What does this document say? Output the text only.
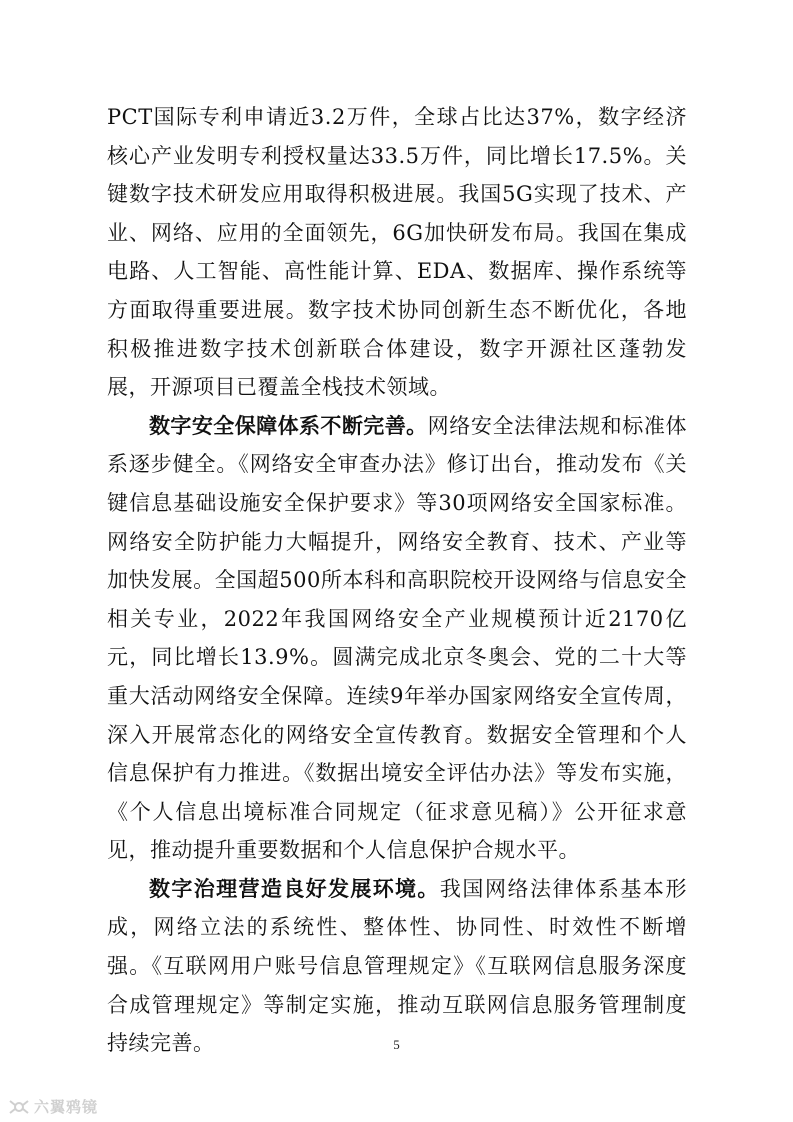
PCT国际专利申请近3.2万件，全球占比达37%，数字经济核心产业发明专利授权量达33.5万件，同比增长17.5%。关键数字技术研发应用取得积极进展。我国5G实现了技术、产业、网络、应用的全面领先，6G加快研发布局。我国在集成电路、人工智能、高性能计算、EDA、数据库、操作系统等方面取得重要进展。数字技术协同创新生态不断优化，各地积极推进数字技术创新联合体建设，数字开源社区蓬勃发展，开源项目已覆盖全栈技术领域。

数字安全保障体系不断完善。网络安全法律法规和标准体系逐步健全。《网络安全审查办法》修订出台，推动发布《关键信息基础设施安全保护要求》等30项网络安全国家标准。网络安全防护能力大幅提升，网络安全教育、技术、产业等加快发展。全国超500所本科和高职院校开设网络与信息安全相关专业，2022年我国网络安全产业规模预计近2170亿元，同比增长13.9%。圆满完成北京冬奥会、党的二十大等重大活动网络安全保障。连续9年举办国家网络安全宣传周，深入开展常态化的网络安全宣传教育。数据安全管理和个人信息保护有力推进。《数据出境安全评估办法》等发布实施，《个人信息出境标准合同规定（征求意见稿）》公开征求意见，推动提升重要数据和个人信息保护合规水平。

数字治理营造良好发展环境。我国网络法律体系基本形成，网络立法的系统性、整体性、协同性、时效性不断增强。《互联网用户账号信息管理规定》《互联网信息服务深度合成管理规定》等制定实施，推动互联网信息服务管理制度持续完善。	5
六翼鸦镜
